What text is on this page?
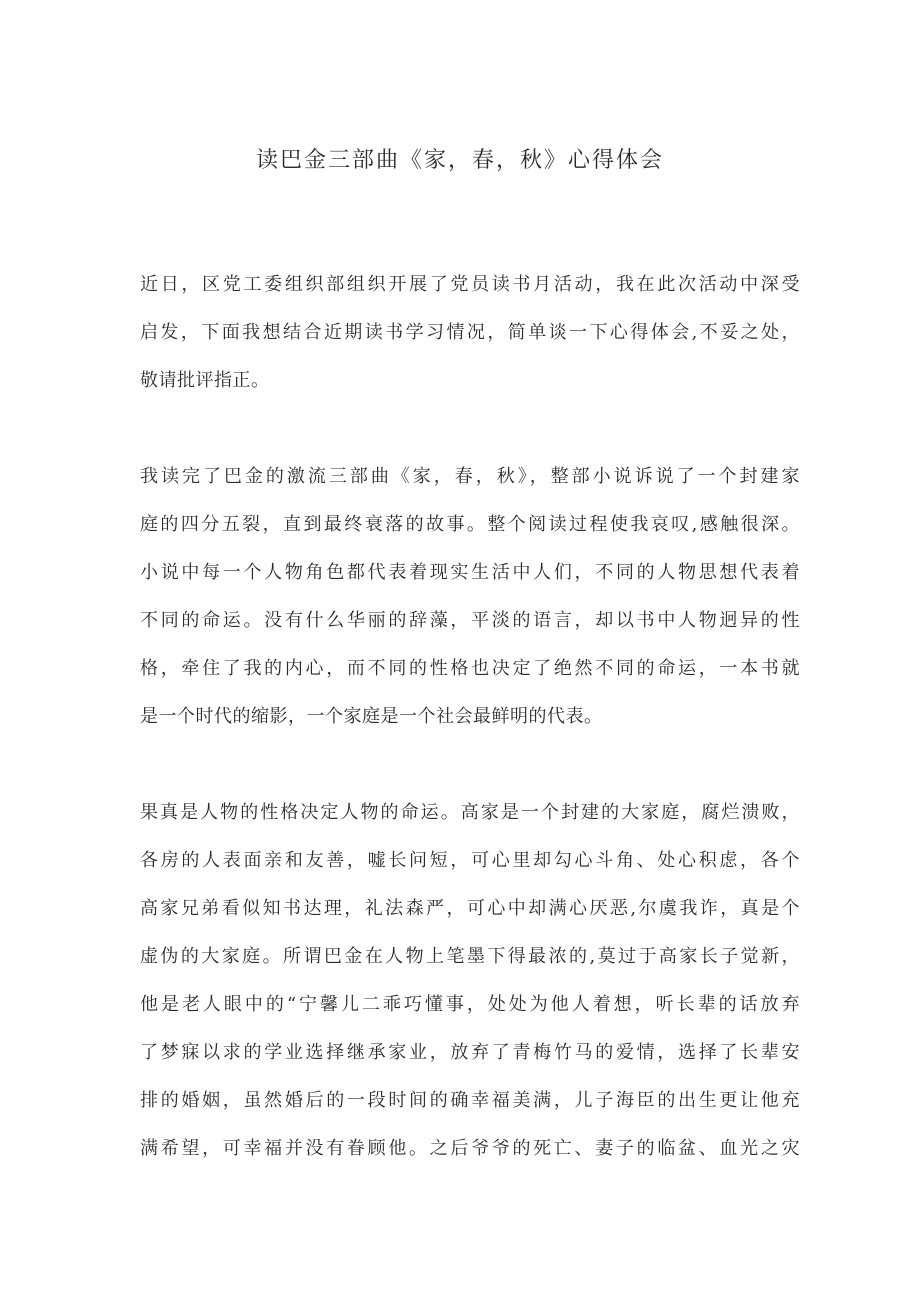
读巴金三部曲《家，春，秋》心得体会
近日，区党工委组织部组织开展了党员读书月活动，我在此次活动中深受
启发，下面我想结合近期读书学习情况，简单谈一下心得体会,不妥之处，
敬请批评指正。
我读完了巴金的激流三部曲《家，春，秋》，整部小说诉说了一个封建家
庭的四分五裂，直到最终衰落的故事。整个阅读过程使我哀叹,感触很深。
小说中每一个人物角色都代表着现实生活中人们，不同的人物思想代表着
不同的命运。没有什么华丽的辞藻，平淡的语言，却以书中人物迥异的性
格，牵住了我的内心，而不同的性格也决定了绝然不同的命运，一本书就
是一个时代的缩影，一个家庭是一个社会最鲜明的代表。
果真是人物的性格决定人物的命运。高家是一个封建的大家庭，腐烂溃败，
各房的人表面亲和友善，嘘长问短，可心里却勾心斗角、处心积虑，各个
高家兄弟看似知书达理，礼法森严，可心中却满心厌恶,尔虞我诈，真是个
虚伪的大家庭。所谓巴金在人物上笔墨下得最浓的,莫过于高家长子觉新，
他是老人眼中的“宁馨儿二乖巧懂事，处处为他人着想，听长辈的话放弃
了梦寐以求的学业选择继承家业，放弃了青梅竹马的爱情，选择了长辈安
排的婚姻，虽然婚后的一段时间的确幸福美满，儿子海臣的出生更让他充
满希望，可幸福并没有眷顾他。之后爷爷的死亡、妻子的临盆、血光之灾
